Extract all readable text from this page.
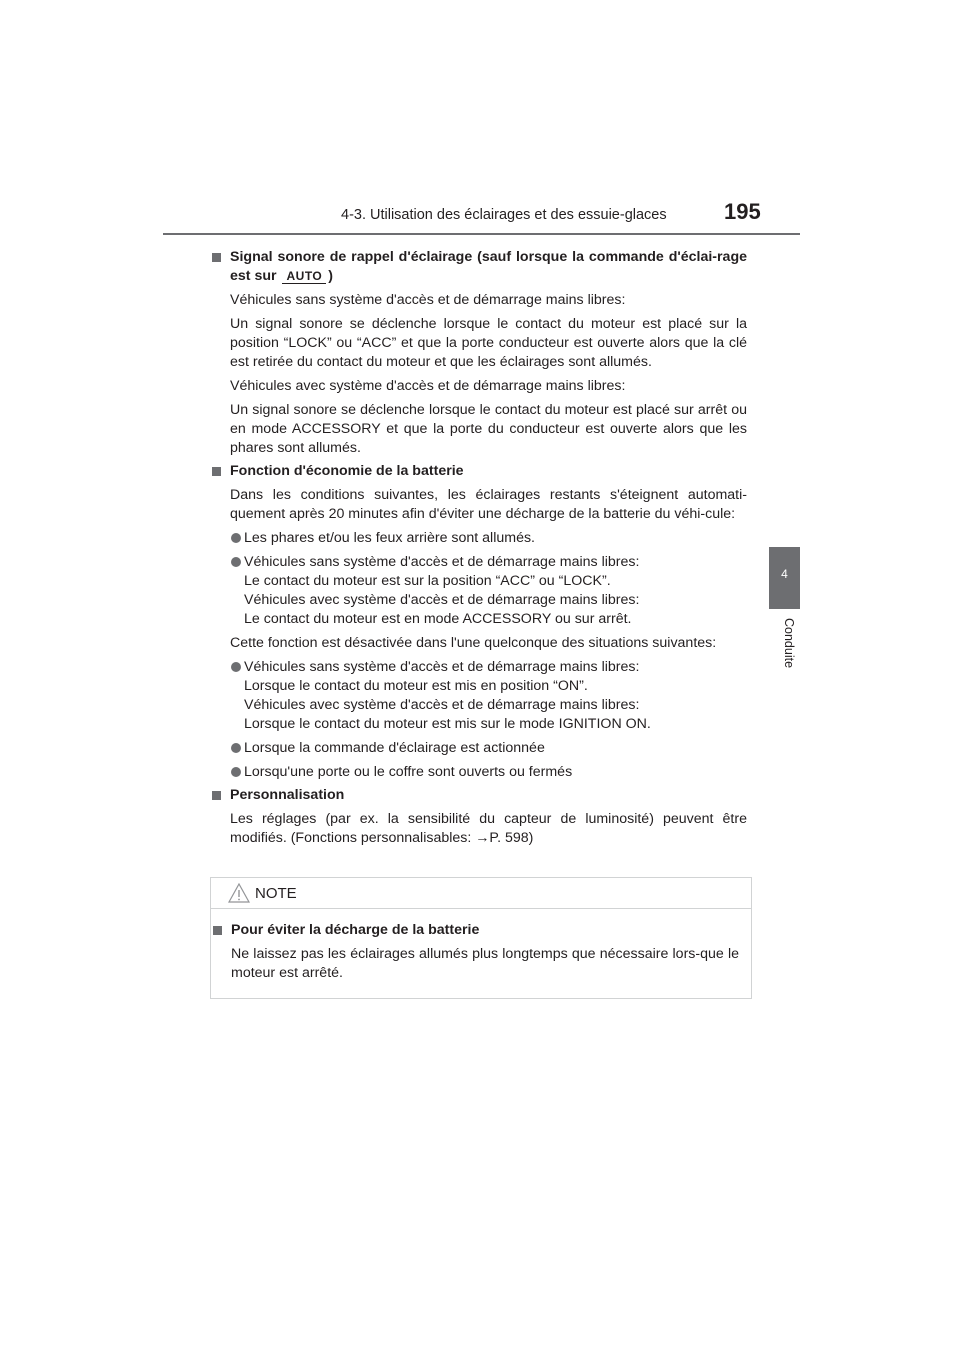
4-3. Utilisation des éclairages et des essuie-glaces	195
4
Conduite
Signal sonore de rappel d'éclairage (sauf lorsque la commande d'éclai-rage est sur AUTO )
Véhicules sans système d'accès et de démarrage mains libres:
Un signal sonore se déclenche lorsque le contact du moteur est placé sur la position “LOCK” ou “ACC” et que la porte conducteur est ouverte alors que la clé est retirée du contact du moteur et que les éclairages sont allumés.
Véhicules avec système d'accès et de démarrage mains libres:
Un signal sonore se déclenche lorsque le contact du moteur est placé sur arrêt ou en mode ACCESSORY et que la porte du conducteur est ouverte alors que les phares sont allumés.
Fonction d'économie de la batterie
Dans les conditions suivantes, les éclairages restants s'éteignent automati-quement après 20 minutes afin d'éviter une décharge de la batterie du véhi-cule:
Les phares et/ou les feux arrière sont allumés.
Véhicules sans système d'accès et de démarrage mains libres:
Le contact du moteur est sur la position “ACC” ou “LOCK”.
Véhicules avec système d'accès et de démarrage mains libres:
Le contact du moteur est en mode ACCESSORY ou sur arrêt.
Cette fonction est désactivée dans l'une quelconque des situations suivantes:
Véhicules sans système d'accès et de démarrage mains libres:
Lorsque le contact du moteur est mis en position “ON”.
Véhicules avec système d'accès et de démarrage mains libres:
Lorsque le contact du moteur est mis sur le mode IGNITION ON.
Lorsque la commande d'éclairage est actionnée
Lorsqu'une porte ou le coffre sont ouverts ou fermés
Personnalisation
Les réglages (par ex. la sensibilité du capteur de luminosité) peuvent être modifiés. (Fonctions personnalisables: →P. 598)
NOTE
Pour éviter la décharge de la batterie
Ne laissez pas les éclairages allumés plus longtemps que nécessaire lors-que le moteur est arrêté.
